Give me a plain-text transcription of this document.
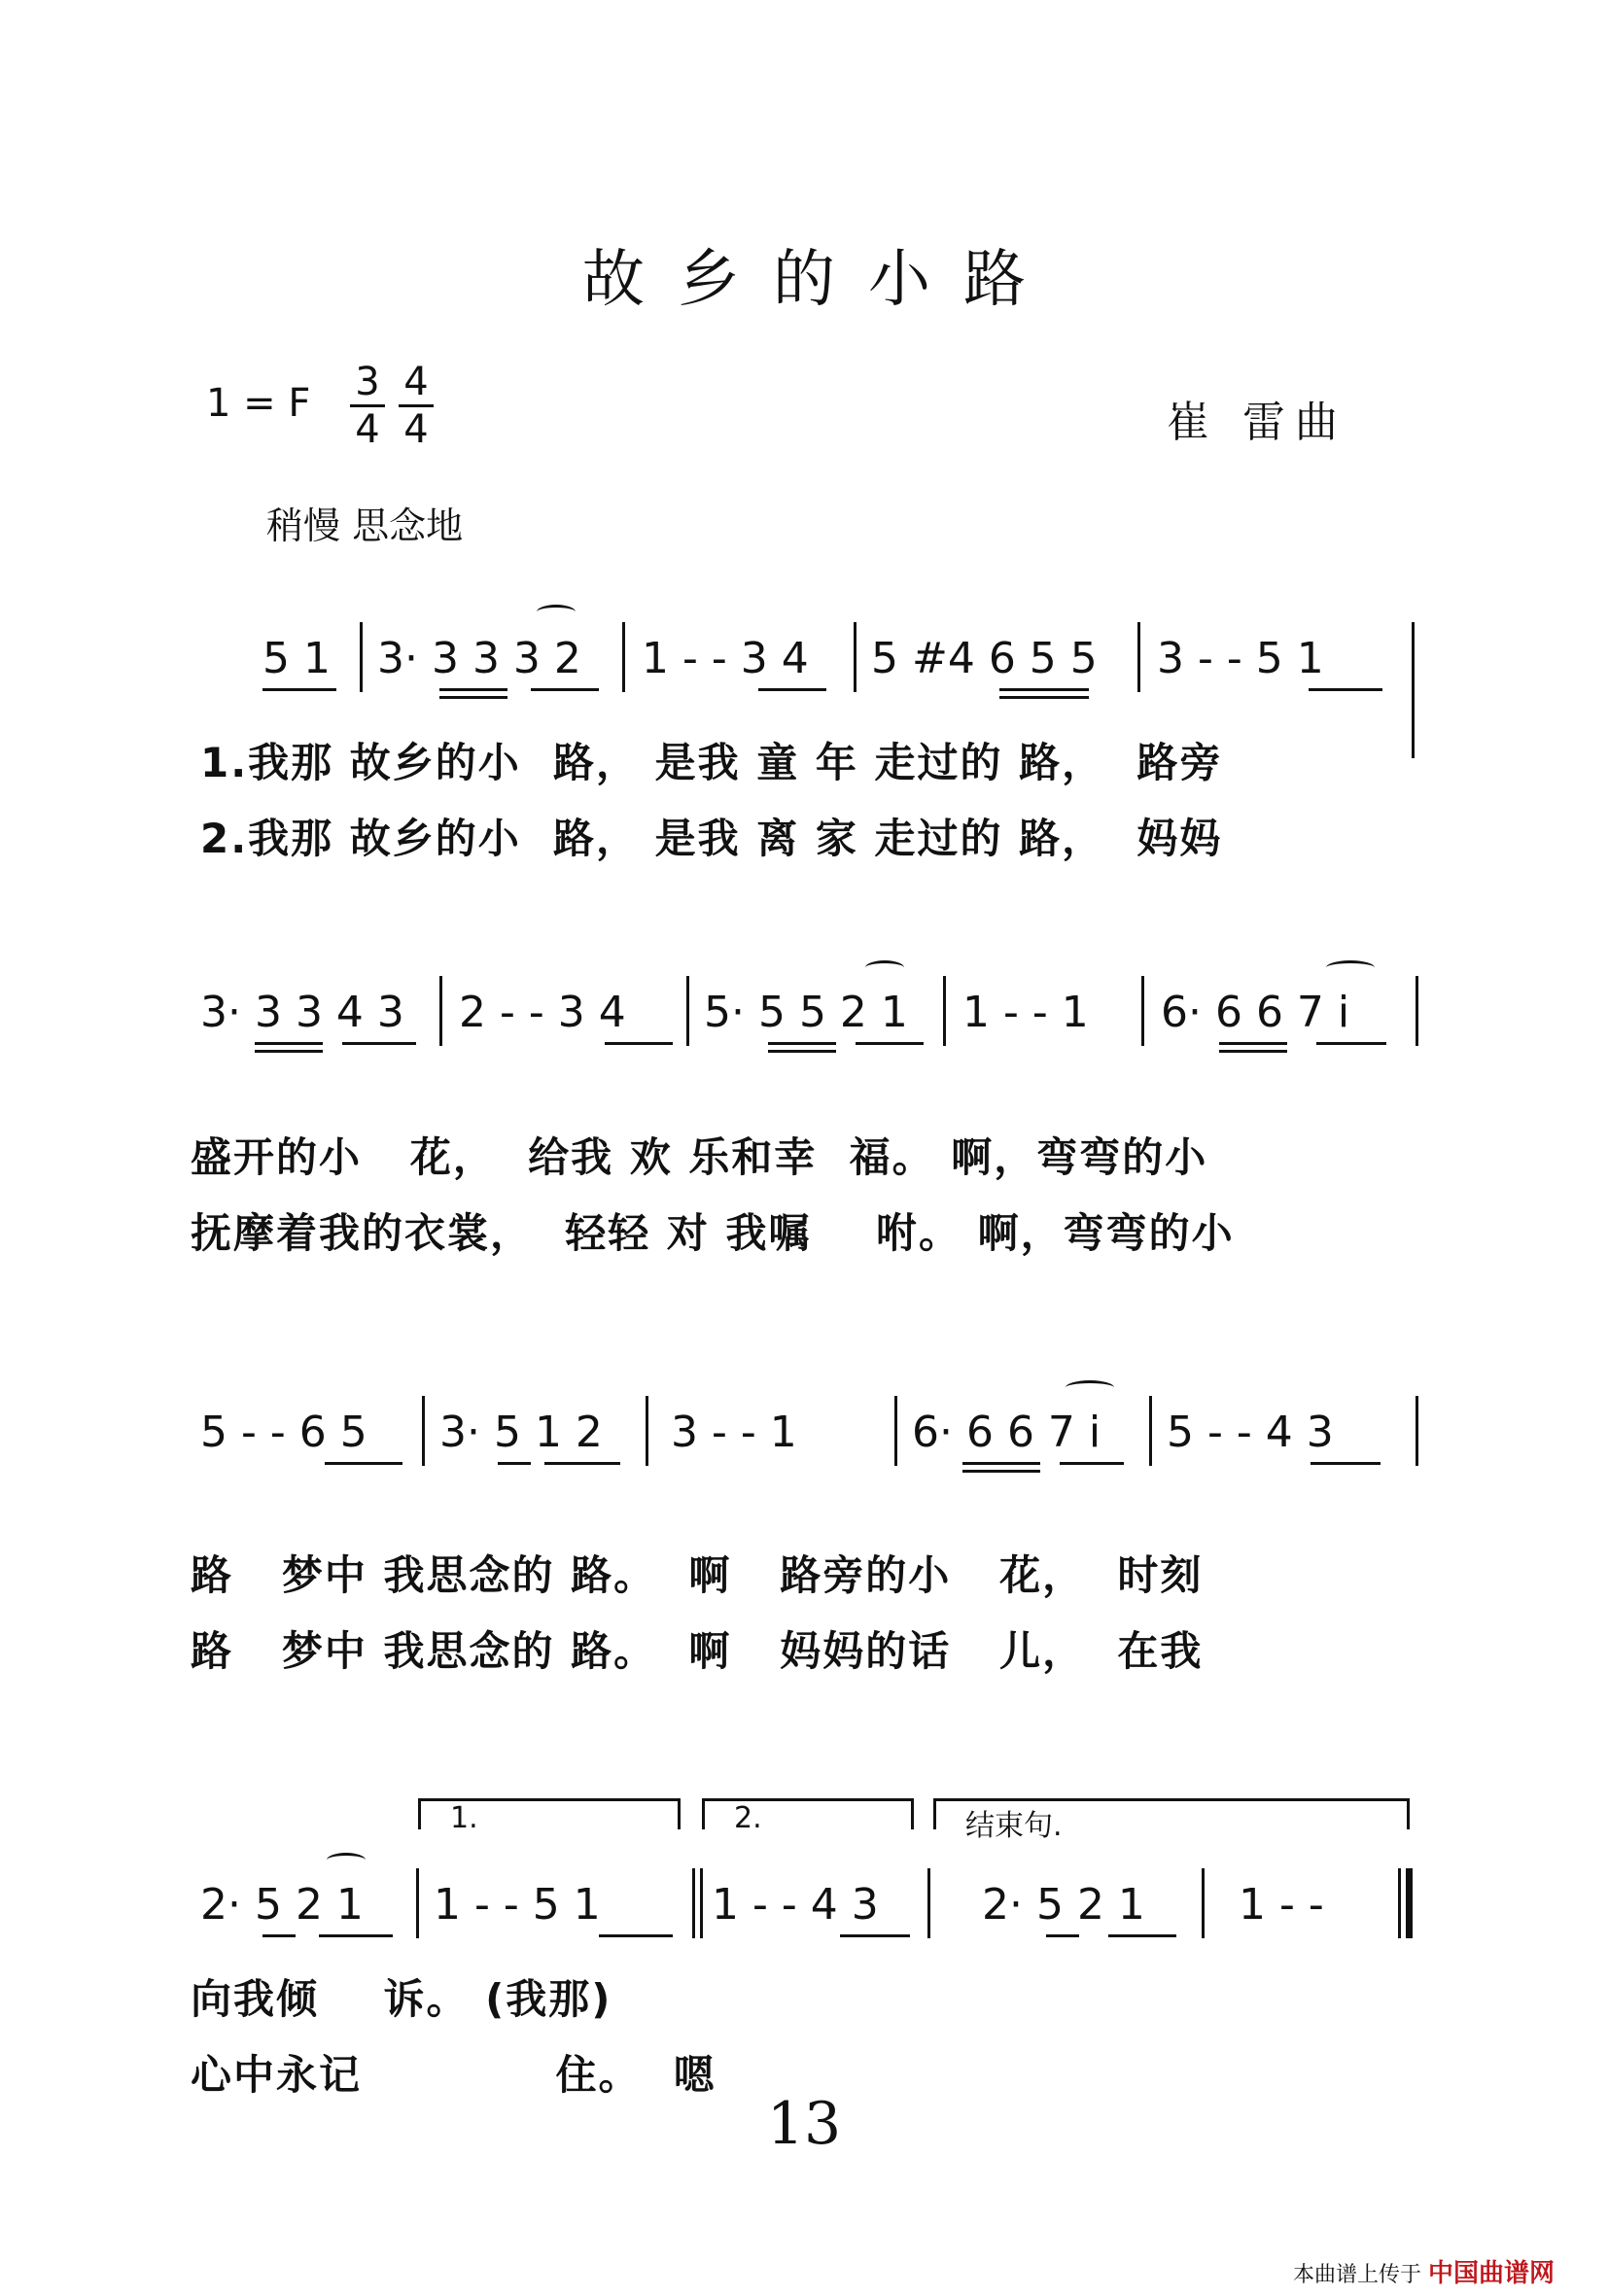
故乡的小路
1 = F 3
4
4
4	崔 雷曲
稍慢 思念地
5 1 3· 3 3 3 2 1 - - 3 4 5 #4 6 5 5 3 - - 5 1
1.我那 故乡的小  路， 是我 童 年 走过的 路，  路旁
2.我那 故乡的小  路， 是我 离 家 走过的 路，  妈妈
3· 3 3 4 3 2 - - 3 4 5· 5 5 2 1 1 - - 1 6· 6 6 7 i
盛开的小   花，  给我 欢 乐和幸  福。 啊，弯弯的小
抚摩着我的衣裳，  轻轻 对 我嘱    咐。 啊，弯弯的小
5 - - 6 5 3· 5 1 2 3 - - 1	6· 6 6 7 i 5 - - 4 3
路   梦中 我思念的 路。  啊   路旁的小   花，  时刻
路   梦中 我思念的 路。  啊   妈妈的话   儿，  在我
1.	2.	结束句.
2· 5 2 1 1 - - 5 1	1 - - 4 3 2· 5 2 1 1 - -
向我倾    诉。 (我那)
心中永记            住。  嗯
13
本曲谱上传于 中国曲谱网
